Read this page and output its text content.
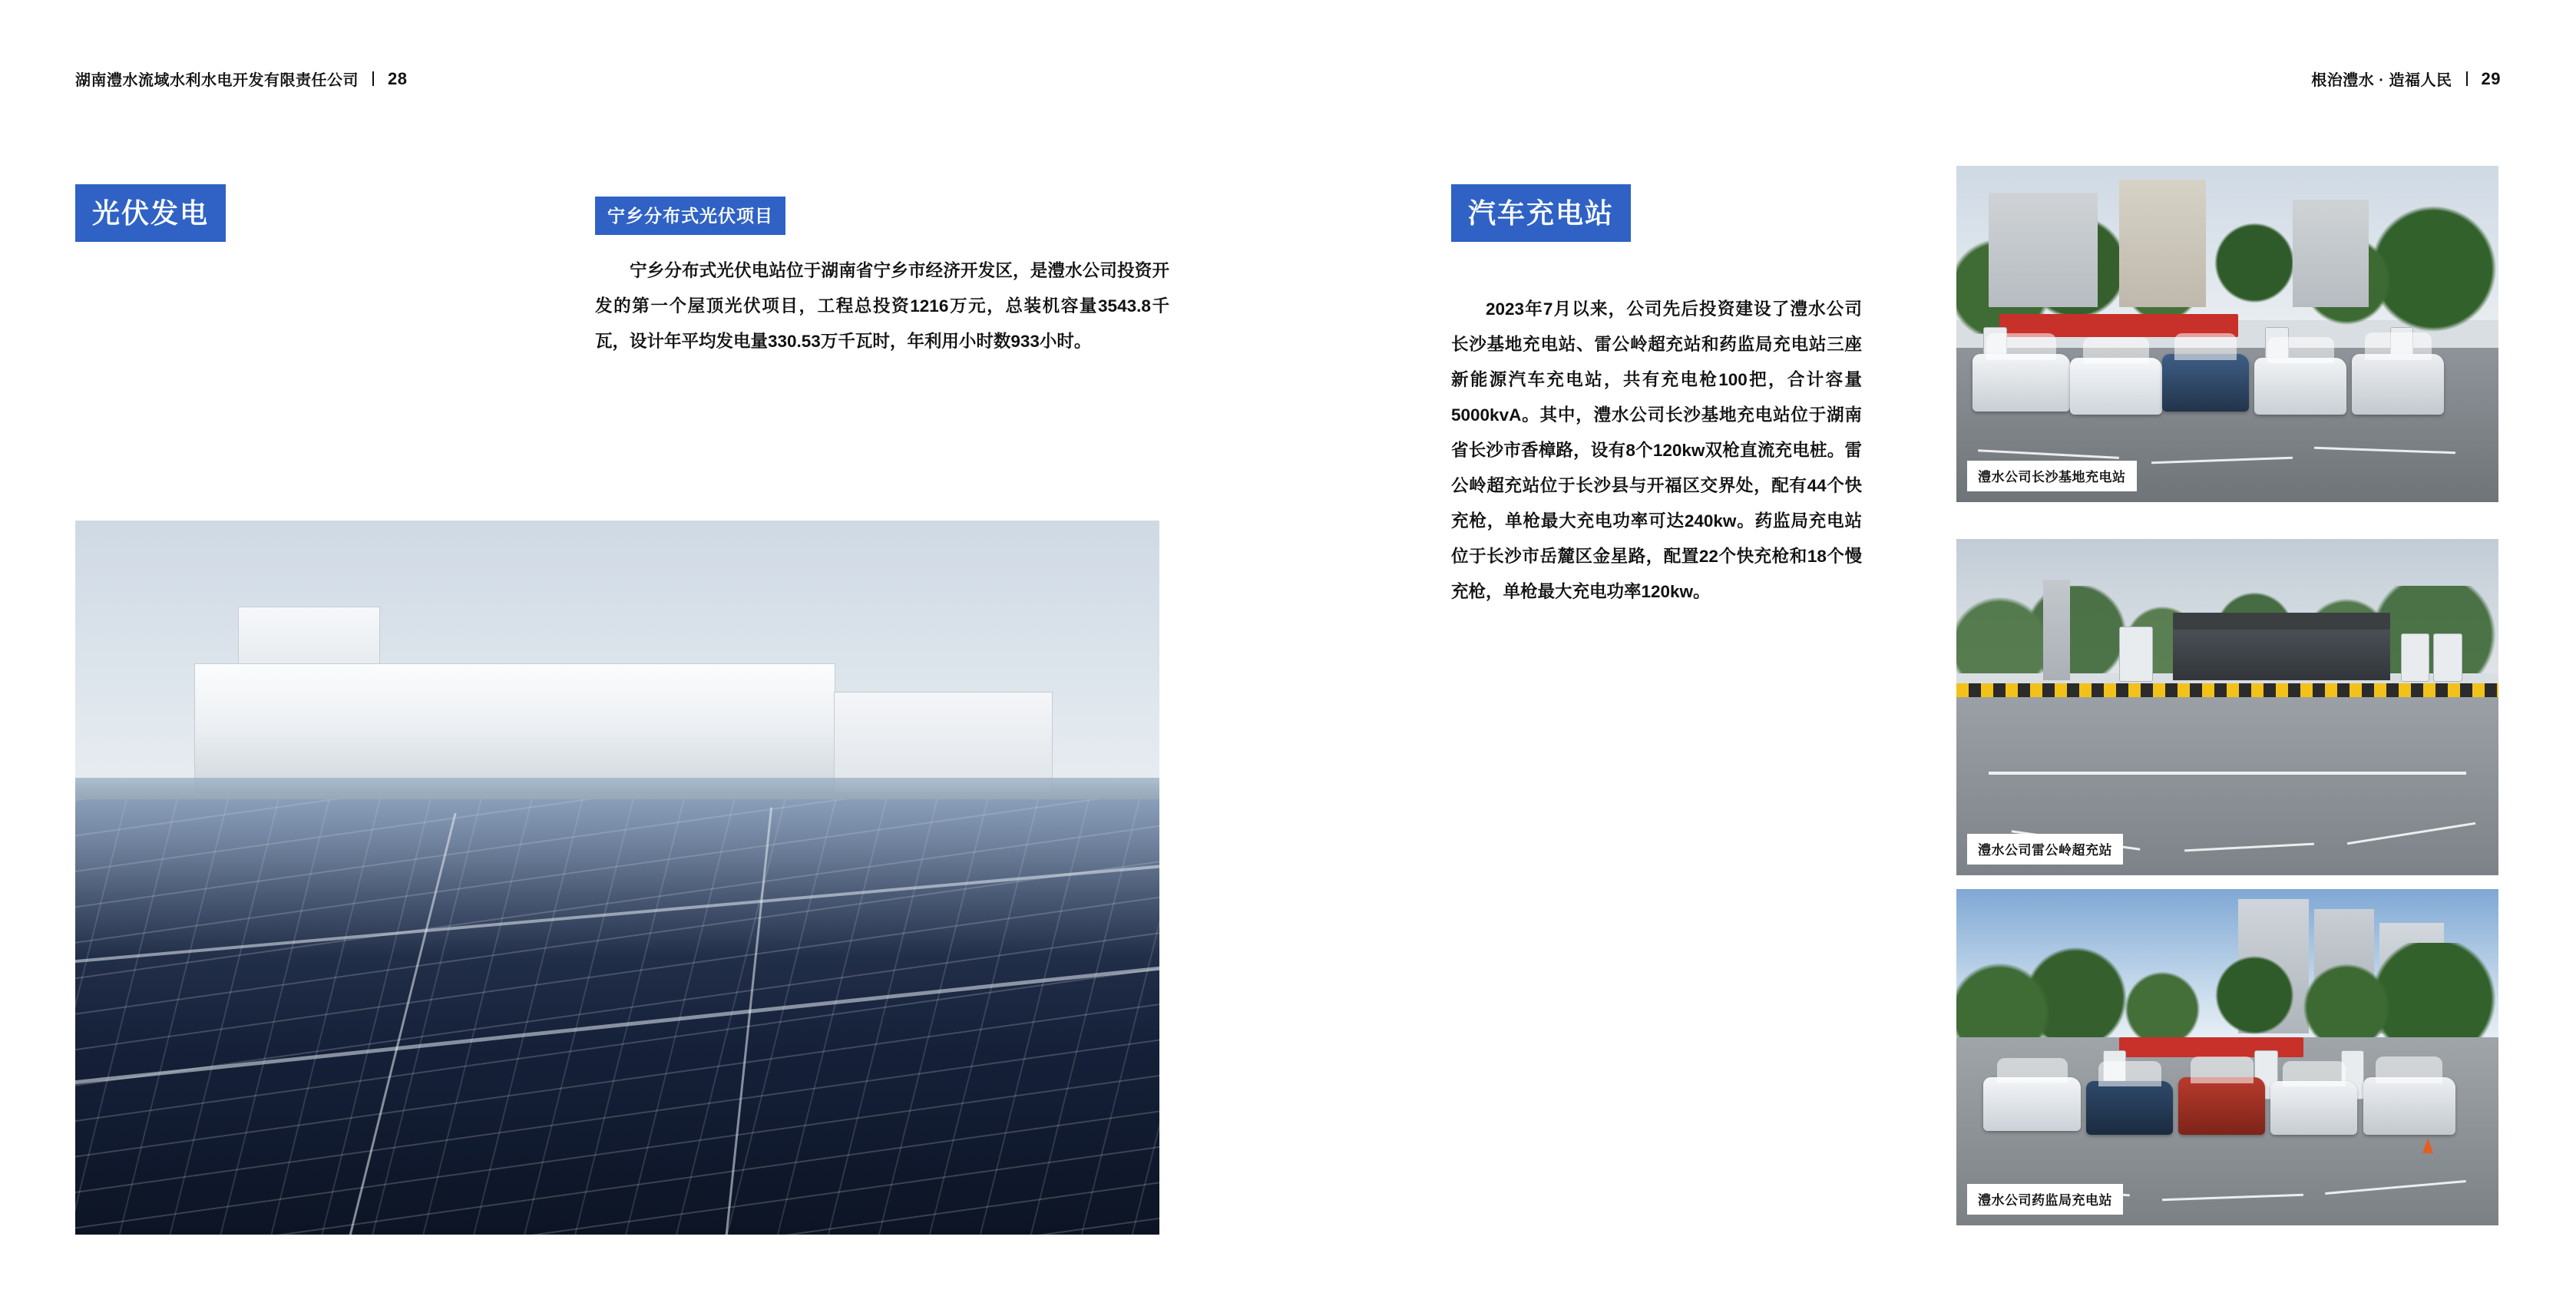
湖南澧水流域水利水电开发有限责任公司 28
光伏发电	宁乡分布式光伏项目
宁乡分布式光伏电站位于湖南省宁乡市经济开发区，是澧水公司投资开发的第一个屋顶光伏项目，工程总投资1216万元，总装机容量3543.8千瓦，设计年平均发电量330.53万千瓦时，年利用小时数933小时。
根治澧水 · 造福人民 29
汽车充电站
2023年7月以来，公司先后投资建设了澧水公司长沙基地充电站、雷公岭超充站和药监局充电站三座新能源汽车充电站，共有充电枪100把，合计容量5000kvA。其中，澧水公司长沙基地充电站位于湖南省长沙市香樟路，设有8个120kw双枪直流充电桩。雷公岭超充站位于长沙县与开福区交界处，配有44个快充枪，单枪最大充电功率可达240kw。药监局充电站位于长沙市岳麓区金星路，配置22个快充枪和18个慢充枪，单枪最大充电功率120kw。
澧水公司长沙基地充电站
澧水公司雷公岭超充站
澧水公司药监局充电站
